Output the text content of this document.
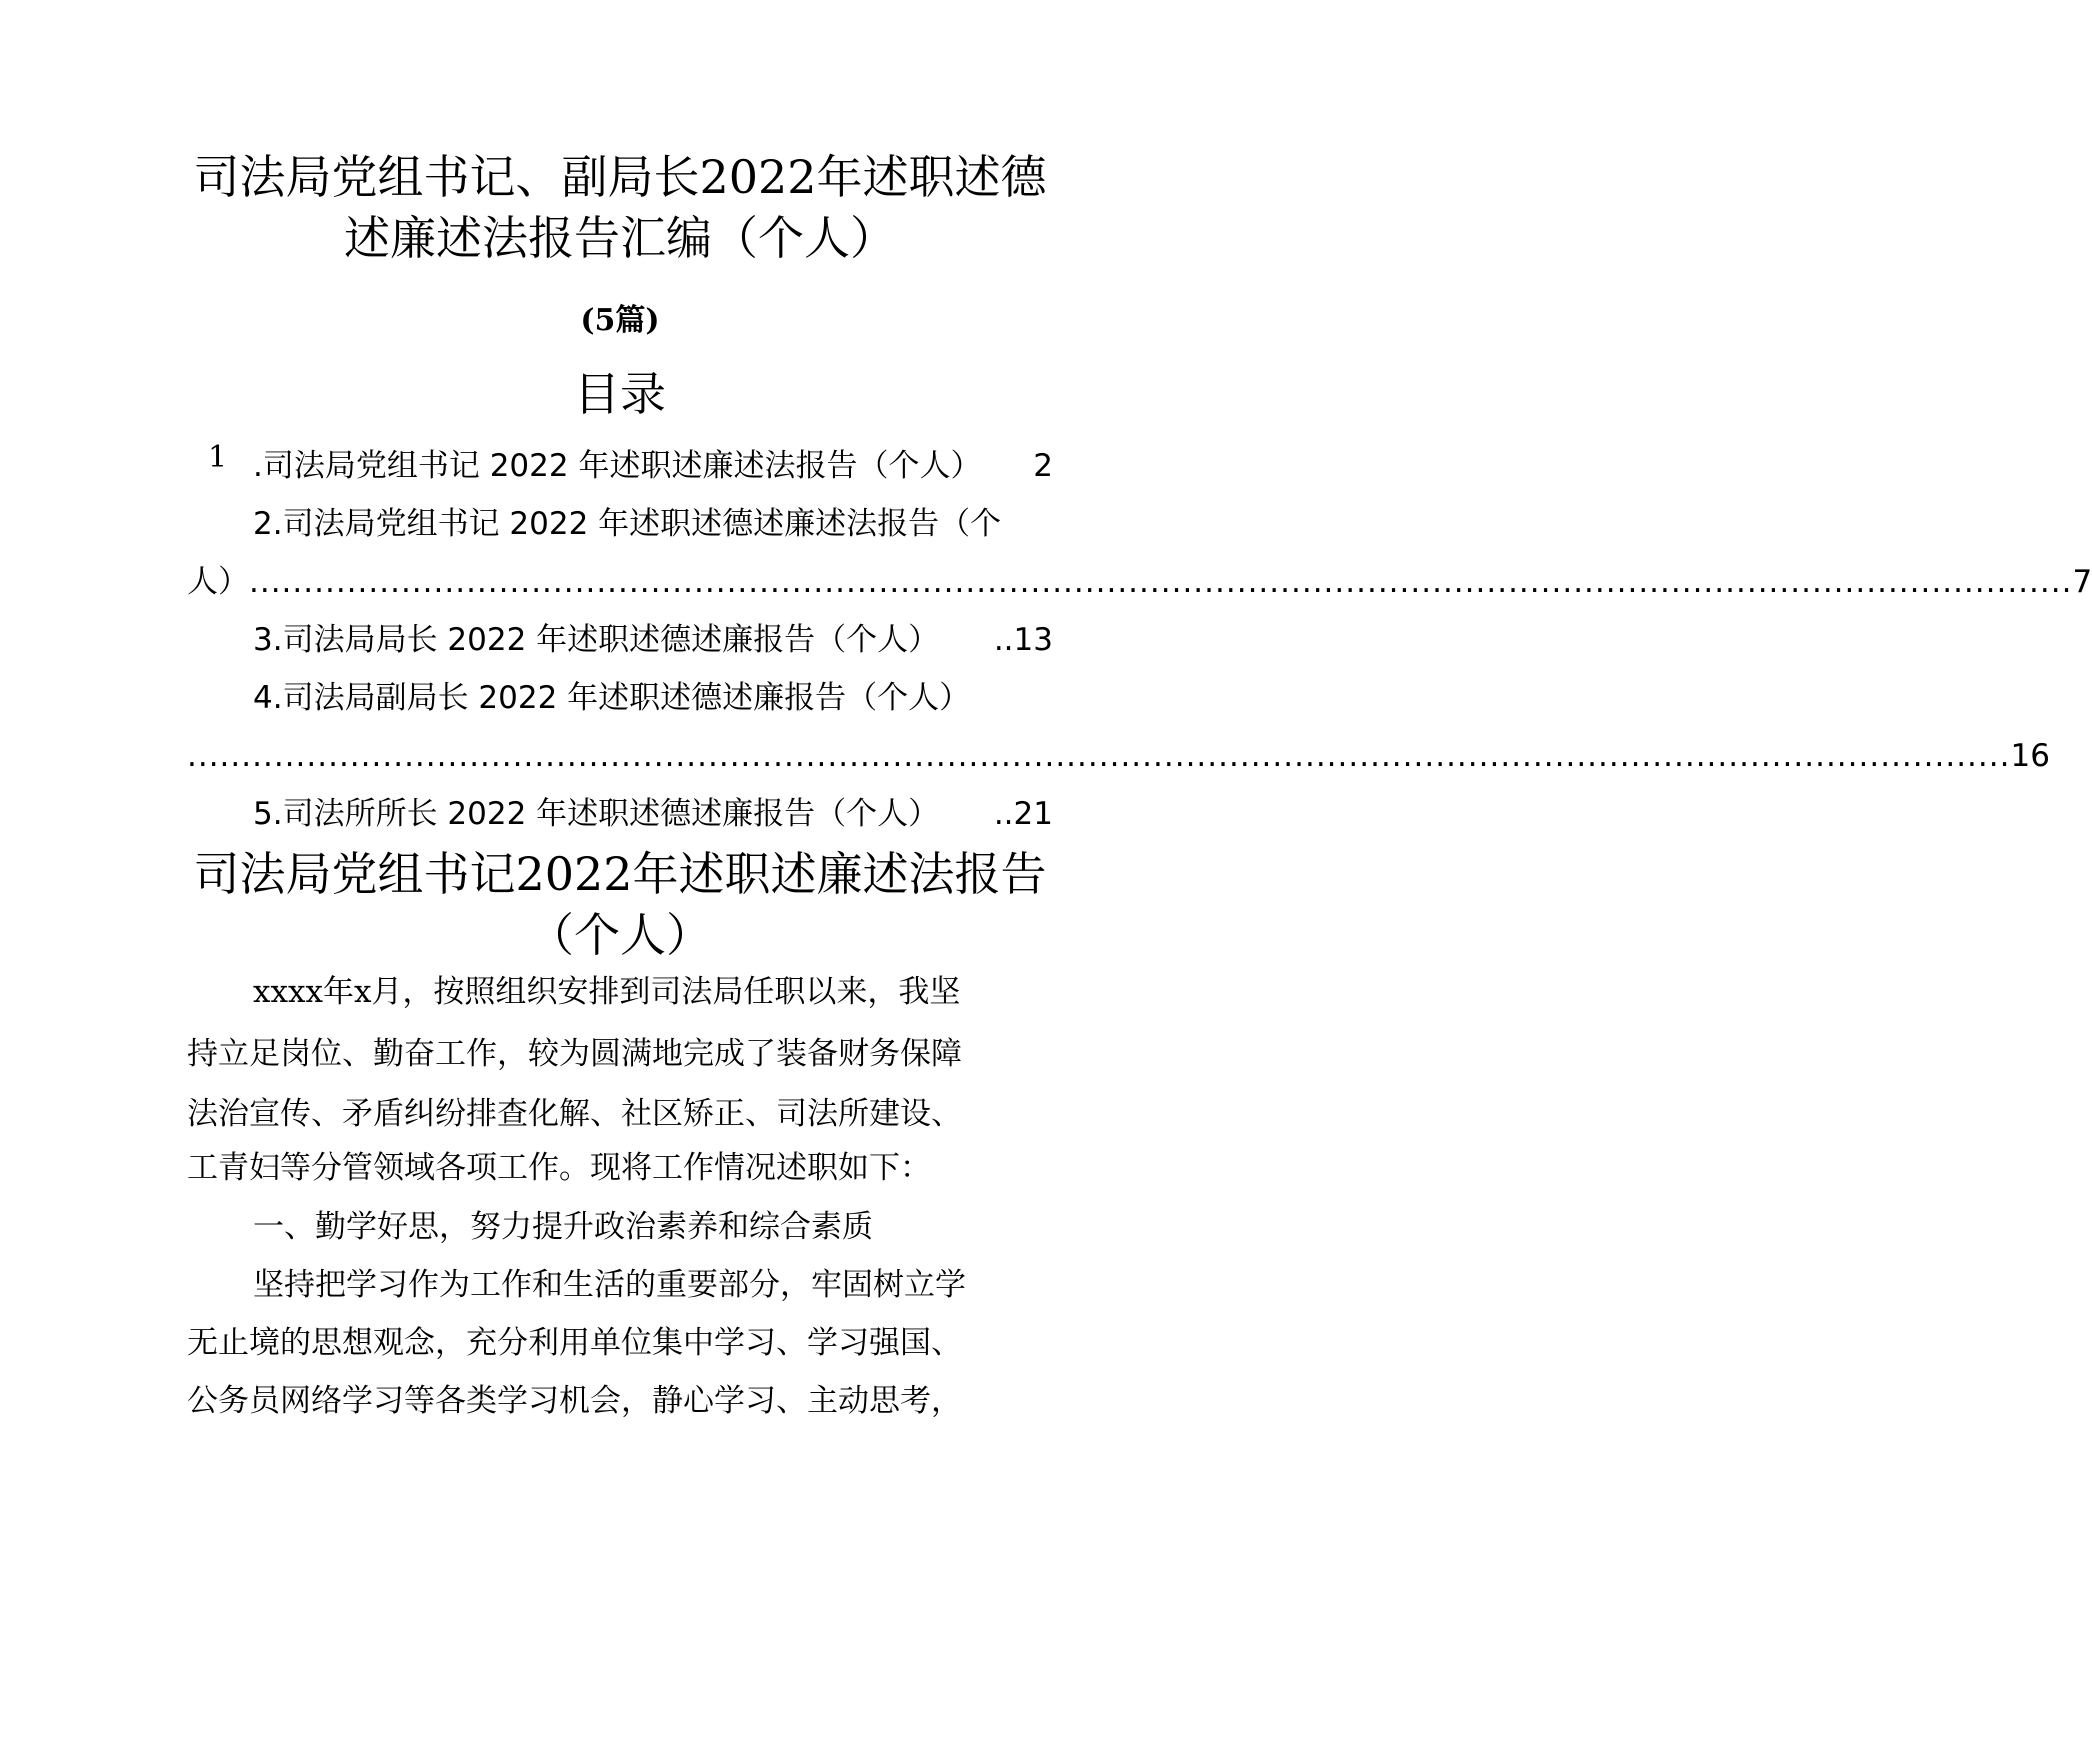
司法局党组书记、副局长2022年述职述德
述廉述法报告汇编（个人）
(5篇)
目录
1 .司法局党组书记 2022 年述职述廉述法报告（个人） 2
2.司法局党组书记 2022 年述职述德述廉述法报告（个
人） ........................................................................................................................................................................ 7
3.司法局局长 2022 年述职述德述廉报告（个人） ..13
4.司法局副局长 2022 年述职述德述廉报告（个人）
........................................................................................................................................................................ 16
5.司法所所长 2022 年述职述德述廉报告（个人） ..21
司法局党组书记2022年述职述廉述法报告
（个人）
xxxx年x月，按照组织安排到司法局任职以来，我坚
持立足岗位、勤奋工作，较为圆满地完成了装备财务保障
法治宣传、矛盾纠纷排查化解、社区矫正、司法所建设、
工青妇等分管领域各项工作。现将工作情况述职如下：
一、勤学好思，努力提升政治素养和综合素质
坚持把学习作为工作和生活的重要部分，牢固树立学
无止境的思想观念，充分利用单位集中学习、学习强国、
公务员网络学习等各类学习机会，静心学习、主动思考，
